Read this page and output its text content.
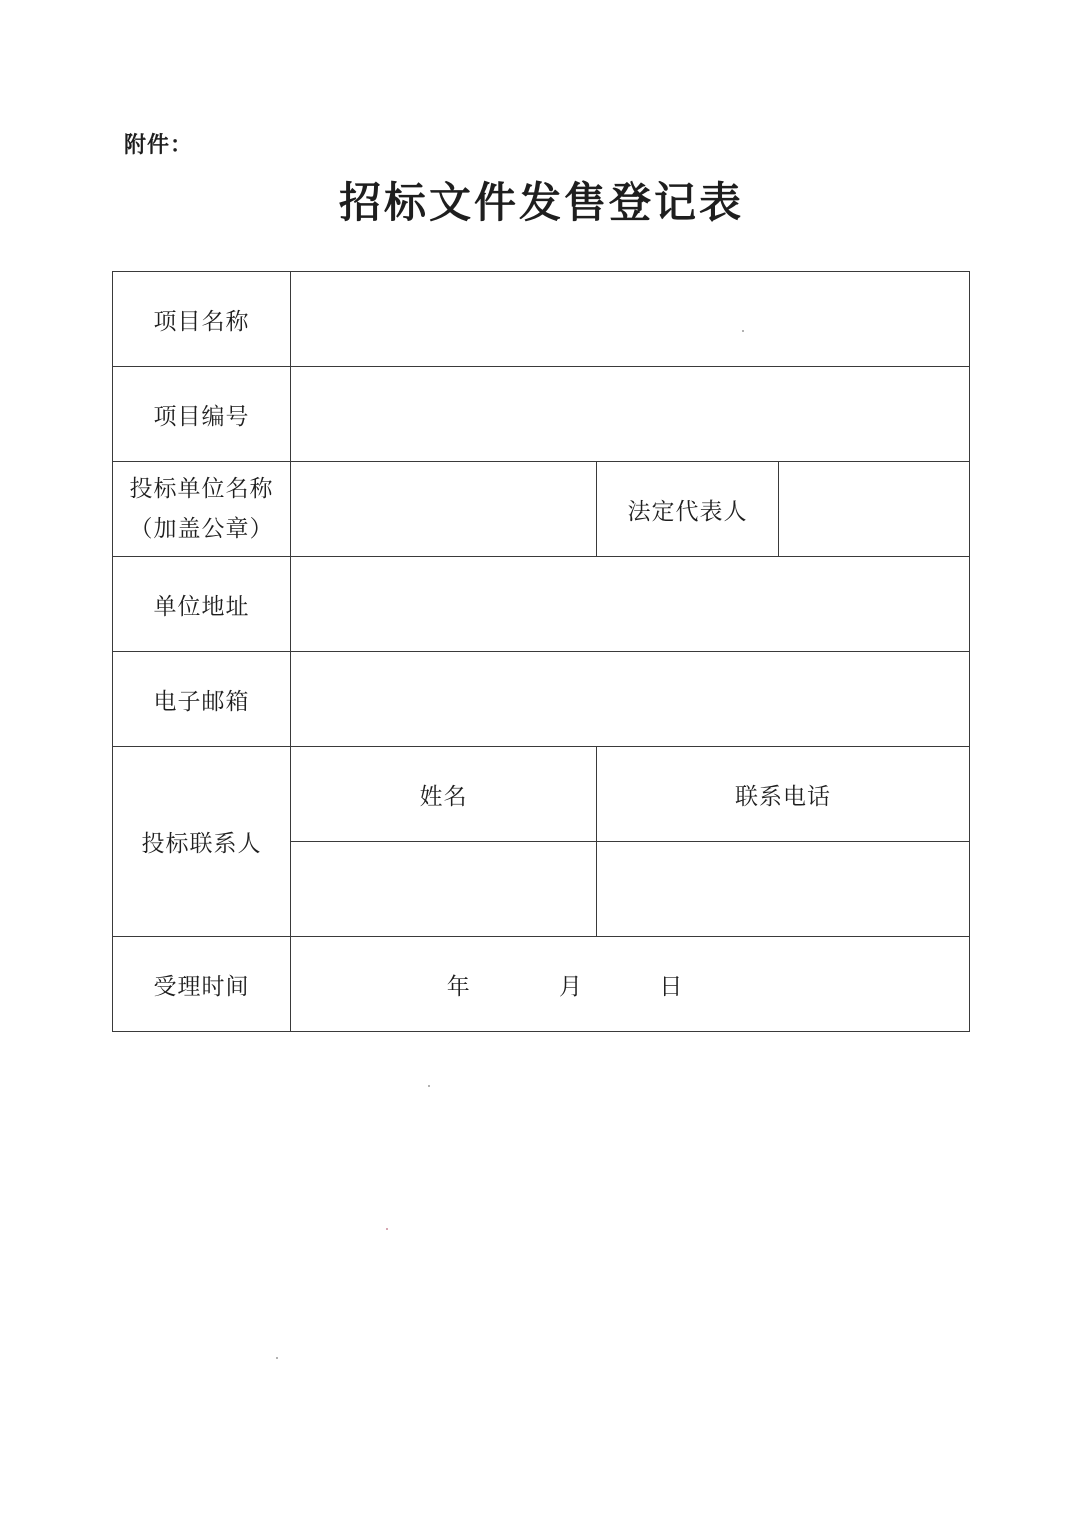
附件：
招标文件发售登记表
项目名称			
项目编号			

投标单位名称
（加盖公章）		法定代表人	
单位地址			
电子邮箱			
投标联系人	姓名	联系电话	

受理时间	年 月 日		
